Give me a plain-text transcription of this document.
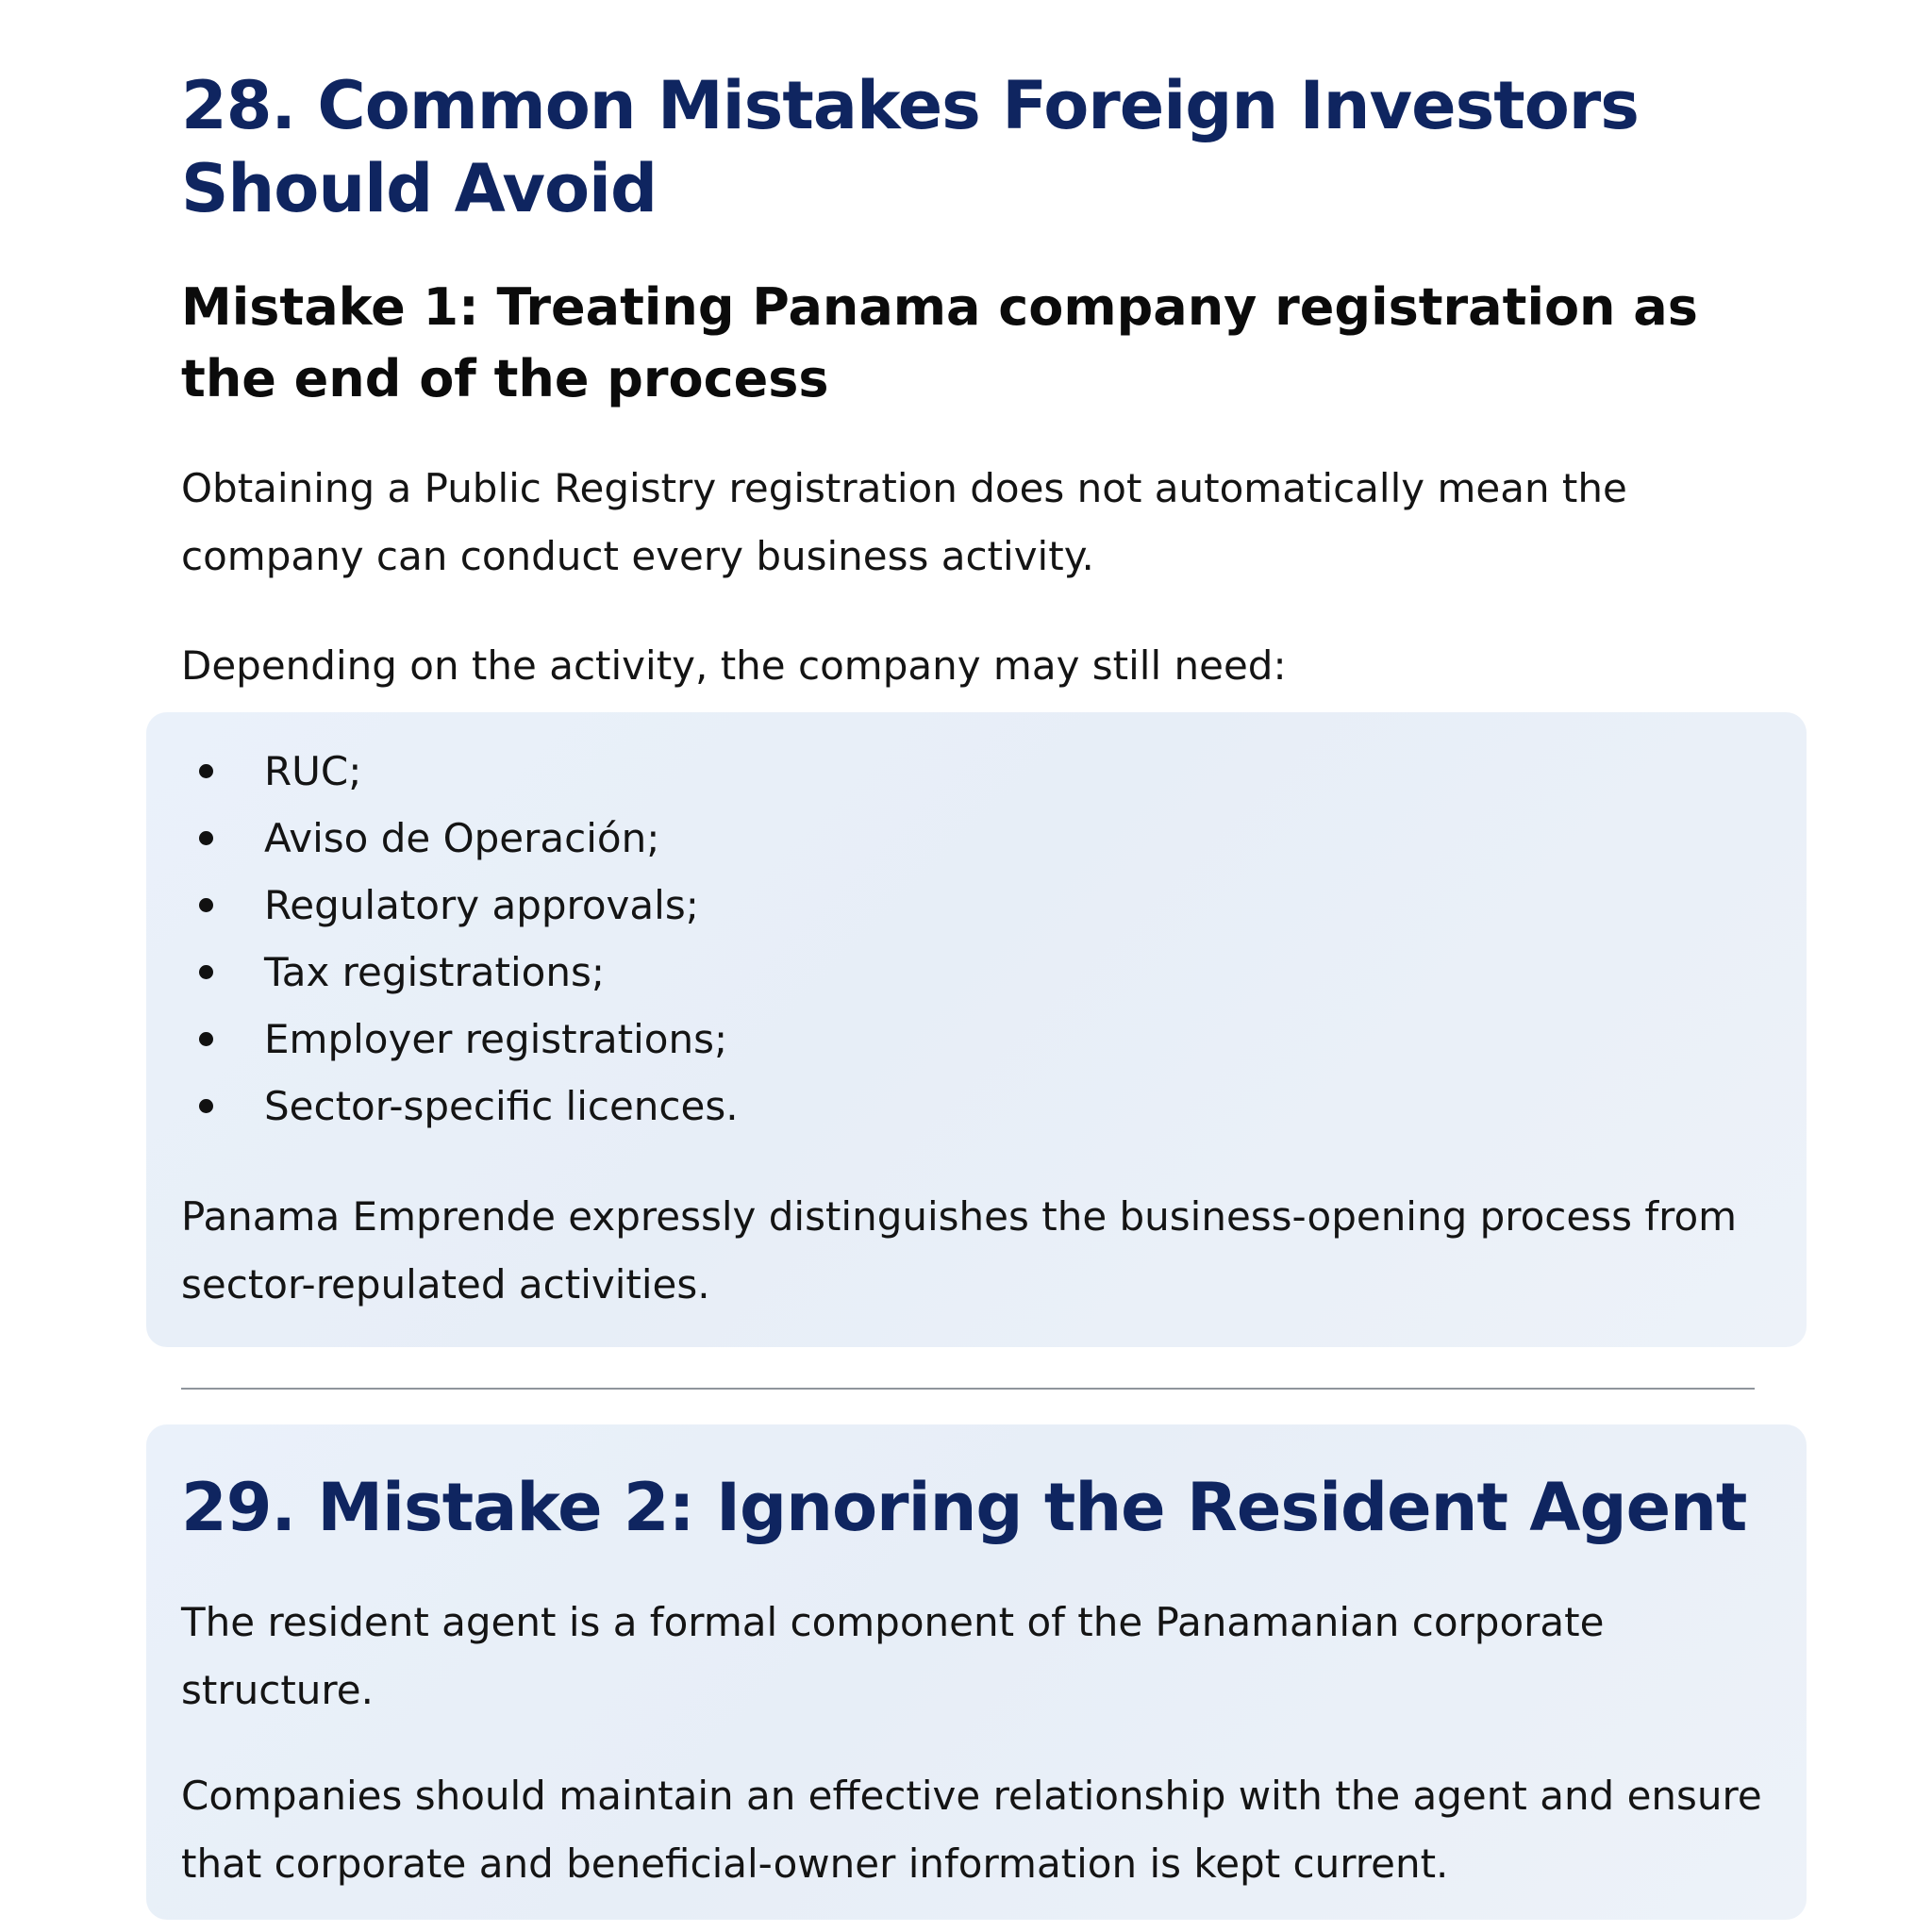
28. Common Mistakes Foreign Investors Should Avoid
Mistake 1: Treating Panama company registration as the end of the process

Obtaining a Public Registry registration does not automatically mean the company can conduct every business activity.

Depending on the activity, the company may still need:

RUC;
Aviso de Operación;
Regulatory approvals;
Tax registrations;
Employer registrations;
Sector-specific licences.

Panama Emprende expressly distinguishes the business-opening process from sector-repulated activities.

29. Mistake 2: Ignoring the Resident Agent

The resident agent is a formal component of the Panamanian corporate structure.

Companies should maintain an effective relationship with the agent and ensure that corporate and beneficial-owner information is kept current.
